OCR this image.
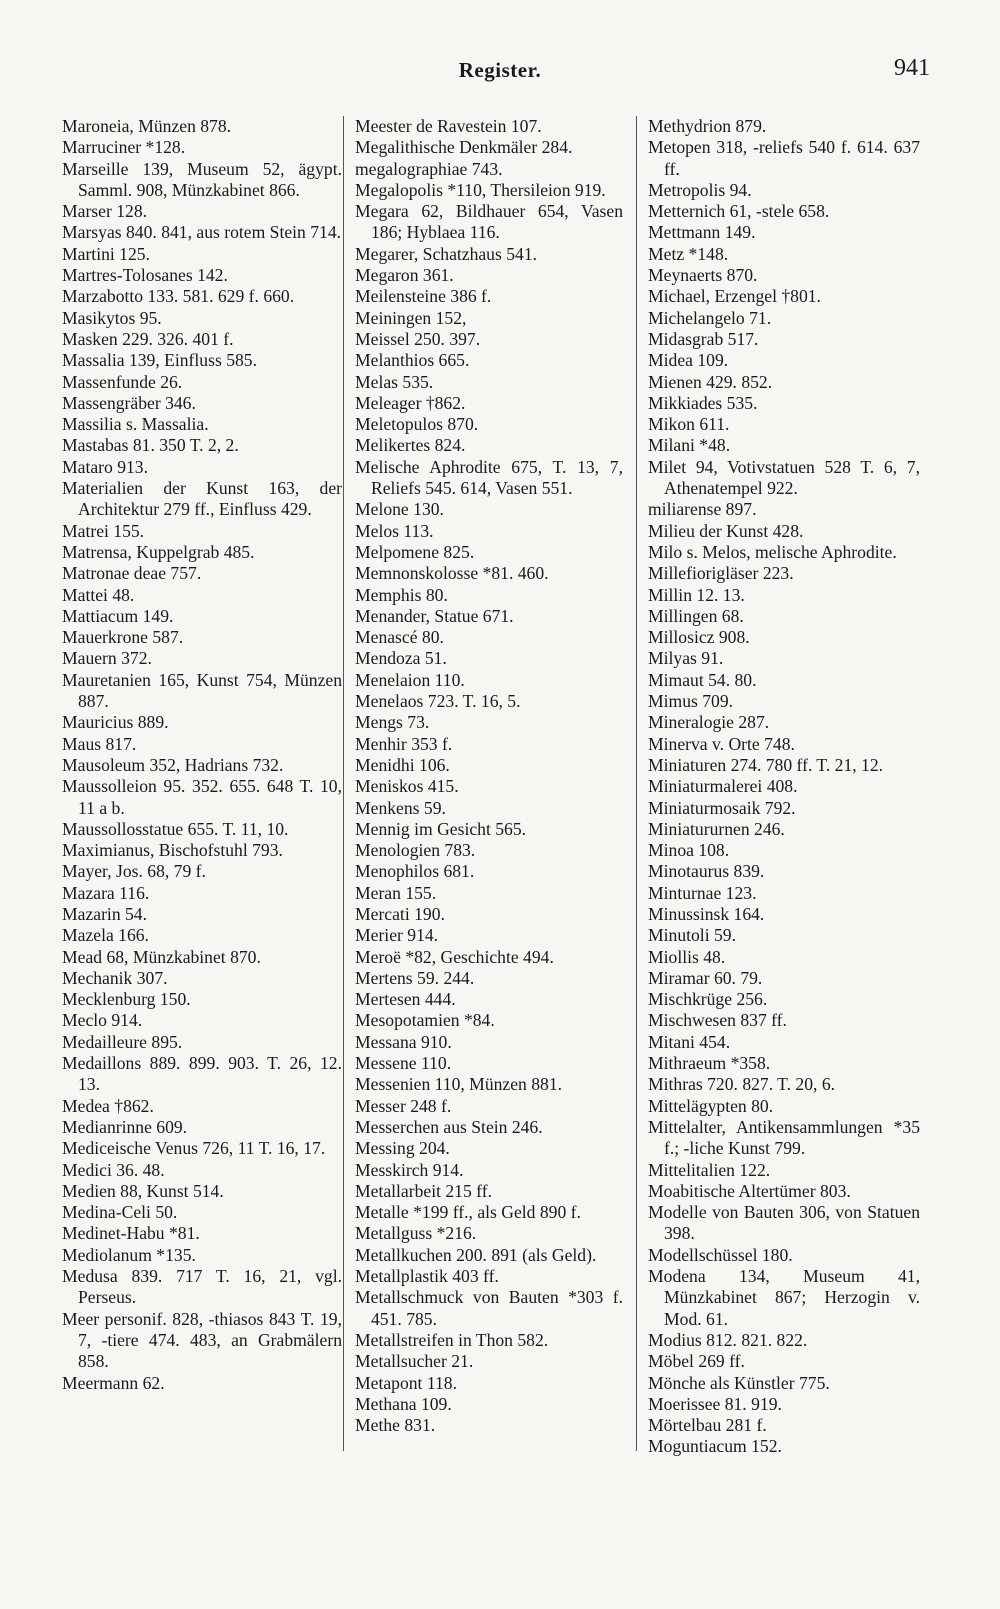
Register.	941

Maroneia, Münzen 878.

Marruciner *128.

Marseille 139, Museum 52, ägypt. Samml. 908, Münzkabinet 866.

Marser 128.

Marsyas 840. 841, aus rotem Stein 714.

Martini 125.

Martres-Tolosanes 142.

Marzabotto 133. 581. 629 f. 660.

Masikytos 95.

Masken 229. 326. 401 f.

Massalia 139, Einfluss 585.

Massenfunde 26.

Massengräber 346.

Massilia s. Massalia.

Mastabas 81. 350 T. 2, 2.

Mataro 913.

Materialien der Kunst 163, der Architektur 279 ff., Einfluss 429.

Matrei 155.

Matrensa, Kuppelgrab 485.

Matronae deae 757.

Mattei 48.

Mattiacum 149.

Mauerkrone 587.

Mauern 372.

Mauretanien 165, Kunst 754, Münzen 887.

Mauricius 889.

Maus 817.

Mausoleum 352, Hadrians 732.

Maussolleion 95. 352. 655. 648 T. 10, 11 a b.

Maussollosstatue 655. T. 11, 10.

Maximianus, Bischofstuhl 793.

Mayer, Jos. 68, 79 f.

Mazara 116.

Mazarin 54.

Mazela 166.

Mead 68, Münzkabinet 870.

Mechanik 307.

Mecklenburg 150.

Meclo 914.

Medailleure 895.

Medaillons 889. 899. 903. T. 26, 12. 13.

Medea †862.

Medianrinne 609.

Mediceische Venus 726, 11 T. 16, 17.

Medici 36. 48.

Medien 88, Kunst 514.

Medina-Celi 50.

Medinet-Habu *81.

Mediolanum *135.

Medusa 839. 717 T. 16, 21, vgl. Perseus.

Meer personif. 828, -thiasos 843 T. 19, 7, -tiere 474. 483, an Grabmälern 858.

Meermann 62.

Meester de Ravestein 107.

Megalithische Denkmäler 284.

megalographiae 743.

Megalopolis *110, Thersileion 919.

Megara 62, Bildhauer 654, Vasen 186; Hyblaea 116.

Megarer, Schatzhaus 541.

Megaron 361.

Meilensteine 386 f.

Meiningen 152,

Meissel 250. 397.

Melanthios 665.

Melas 535.

Meleager †862.

Meletopulos 870.

Melikertes 824.

Melische Aphrodite 675, T. 13, 7, Reliefs 545. 614, Vasen 551.

Melone 130.

Melos 113.

Melpomene 825.

Memnonskolosse *81. 460.

Memphis 80.

Menander, Statue 671.

Menascé 80.

Mendoza 51.

Menelaion 110.

Menelaos 723. T. 16, 5.

Mengs 73.

Menhir 353 f.

Menidhi 106.

Meniskos 415.

Menkens 59.

Mennig im Gesicht 565.

Menologien 783.

Menophilos 681.

Meran 155.

Mercati 190.

Merier 914.

Meroë *82, Geschichte 494.

Mertens 59. 244.

Mertesen 444.

Mesopotamien *84.

Messana 910.

Messene 110.

Messenien 110, Münzen 881.

Messer 248 f.

Messerchen aus Stein 246.

Messing 204.

Messkirch 914.

Metallarbeit 215 ff.

Metalle *199 ff., als Geld 890 f.

Metallguss *216.

Metallkuchen 200. 891 (als Geld).

Metallplastik 403 ff.

Metallschmuck von Bauten *303 f. 451. 785.

Metallstreifen in Thon 582.

Metallsucher 21.

Metapont 118.

Methana 109.

Methe 831.

Methydrion 879.

Metopen 318, -reliefs 540 f. 614. 637 ff.

Metropolis 94.

Metternich 61, -stele 658.

Mettmann 149.

Metz *148.

Meynaerts 870.

Michael, Erzengel †801.

Michelangelo 71.

Midasgrab 517.

Midea 109.

Mienen 429. 852.

Mikkiades 535.

Mikon 611.

Milani *48.

Milet 94, Votivstatuen 528 T. 6, 7, Athenatempel 922.

miliarense 897.

Milieu der Kunst 428.

Milo s. Melos, melische Aphrodite.

Millefiorigläser 223.

Millin 12. 13.

Millingen 68.

Millosicz 908.

Milyas 91.

Mimaut 54. 80.

Mimus 709.

Mineralogie 287.

Minerva v. Orte 748.

Miniaturen 274. 780 ff. T. 21, 12.

Miniaturmalerei 408.

Miniaturmosaik 792.

Miniatururnen 246.

Minoa 108.

Minotaurus 839.

Minturnae 123.

Minussinsk 164.

Minutoli 59.

Miollis 48.

Miramar 60. 79.

Mischkrüge 256.

Mischwesen 837 ff.

Mitani 454.

Mithraeum *358.

Mithras 720. 827. T. 20, 6.

Mittelägypten 80.

Mittelalter, Antikensammlungen *35 f.; -liche Kunst 799.

Mittelitalien 122.

Moabitische Altertümer 803.

Modelle von Bauten 306, von Statuen 398.

Modellschüssel 180.

Modena 134, Museum 41, Münzkabinet 867; Herzogin v. Mod. 61.

Modius 812. 821. 822.

Möbel 269 ff.

Mönche als Künstler 775.

Moerissee 81. 919.

Mörtelbau 281 f.

Moguntiacum 152.
